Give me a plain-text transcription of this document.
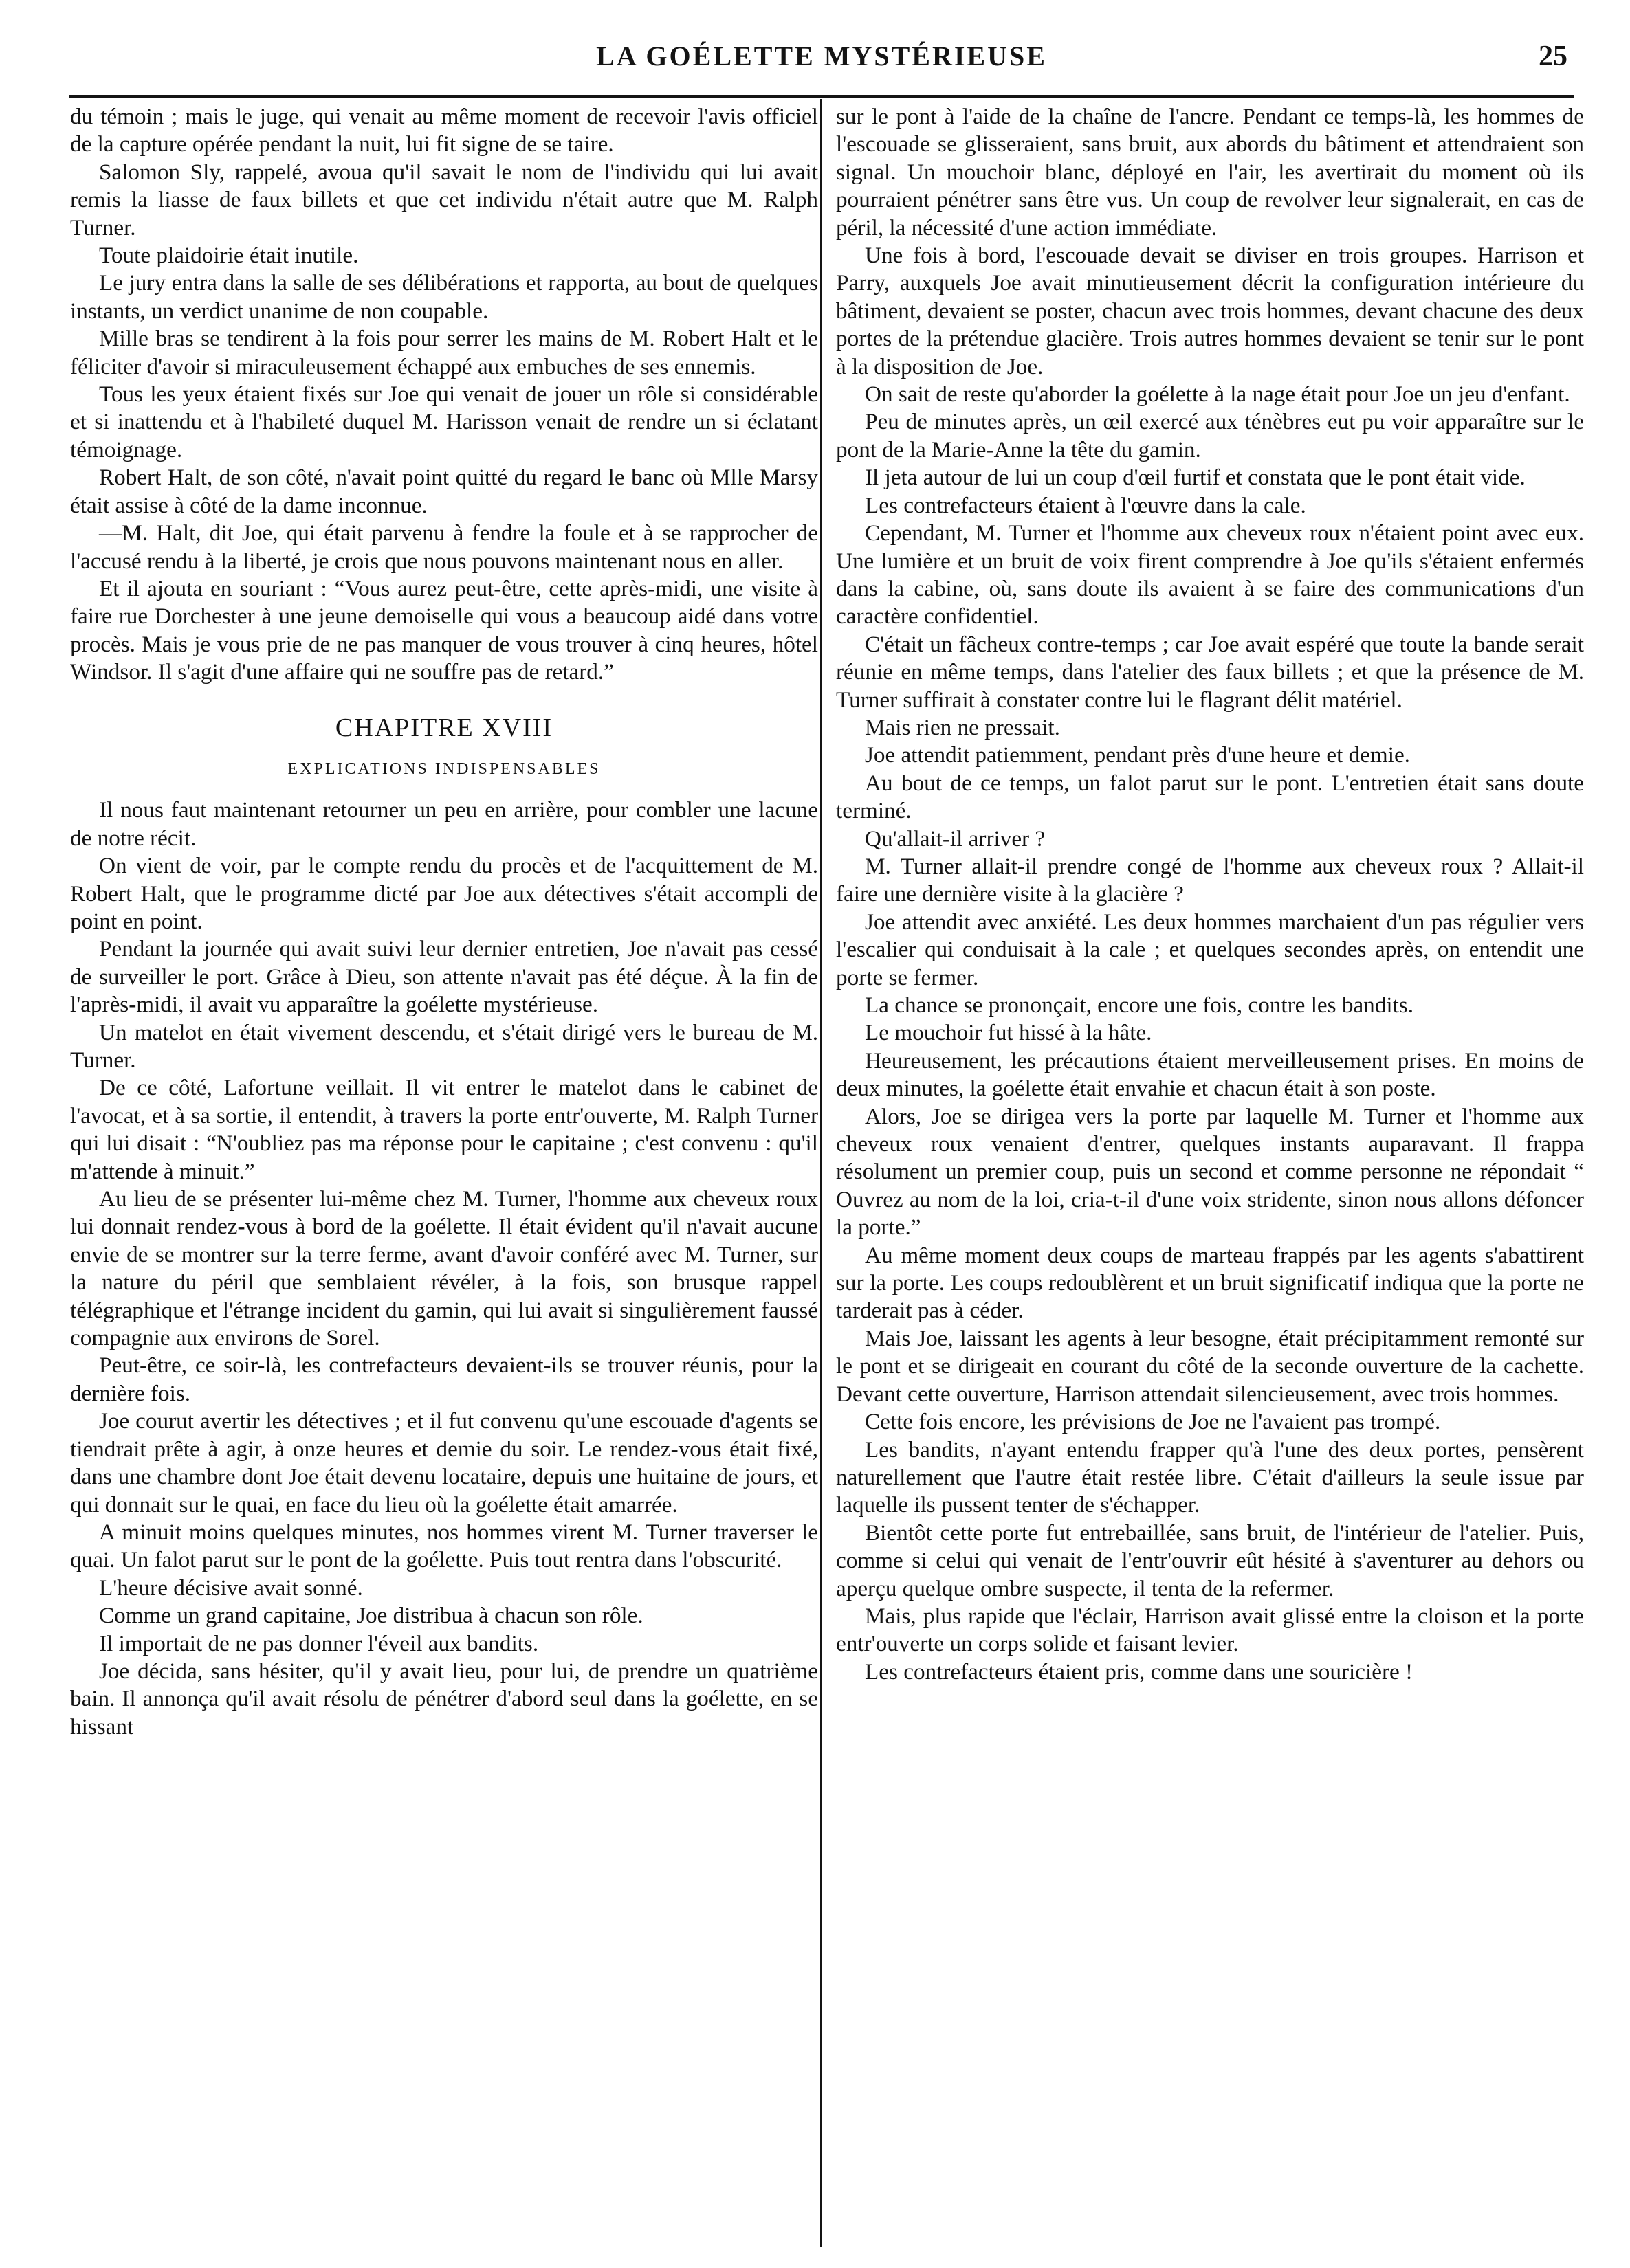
LA GOÉLETTE MYSTÉRIEUSE	25

du témoin ; mais le juge, qui venait au même moment de recevoir l'avis officiel de la capture opérée pendant la nuit, lui fit signe de se taire.

Salomon Sly, rappelé, avoua qu'il savait le nom de l'individu qui lui avait remis la liasse de faux billets et que cet individu n'était autre que M. Ralph Turner.

Toute plaidoirie était inutile.

Le jury entra dans la salle de ses délibérations et rapporta, au bout de quelques instants, un verdict unanime de non coupable.

Mille bras se tendirent à la fois pour serrer les mains de M. Robert Halt et le féliciter d'avoir si miraculeusement échappé aux embuches de ses ennemis.

Tous les yeux étaient fixés sur Joe qui venait de jouer un rôle si considérable et si inattendu et à l'habileté duquel M. Harisson venait de rendre un si éclatant témoignage.

Robert Halt, de son côté, n'avait point quitté du regard le banc où Mlle Marsy était assise à côté de la dame inconnue.

—M. Halt, dit Joe, qui était parvenu à fendre la foule et à se rapprocher de l'accusé rendu à la liberté, je crois que nous pouvons maintenant nous en aller.

Et il ajouta en souriant : “Vous aurez peut-être, cette après-midi, une visite à faire rue Dorchester à une jeune demoiselle qui vous a beaucoup aidé dans votre procès. Mais je vous prie de ne pas manquer de vous trouver à cinq heures, hôtel Windsor. Il s'agit d'une affaire qui ne souffre pas de retard.”

CHAPITRE XVIII
EXPLICATIONS INDISPENSABLES

Il nous faut maintenant retourner un peu en arrière, pour combler une lacune de notre récit.

On vient de voir, par le compte rendu du procès et de l'acquittement de M. Robert Halt, que le programme dicté par Joe aux détectives s'était accompli de point en point.

Pendant la journée qui avait suivi leur dernier entretien, Joe n'avait pas cessé de surveiller le port. Grâce à Dieu, son attente n'avait pas été déçue. À la fin de l'après-midi, il avait vu apparaître la goélette mystérieuse.

Un matelot en était vivement descendu, et s'était dirigé vers le bureau de M. Turner.

De ce côté, Lafortune veillait. Il vit entrer le matelot dans le cabinet de l'avocat, et à sa sortie, il entendit, à travers la porte entr'ouverte, M. Ralph Turner qui lui disait : “N'oubliez pas ma réponse pour le capitaine ; c'est convenu : qu'il m'attende à minuit.”

Au lieu de se présenter lui-même chez M. Turner, l'homme aux cheveux roux lui donnait rendez-vous à bord de la goélette. Il était évident qu'il n'avait aucune envie de se montrer sur la terre ferme, avant d'avoir conféré avec M. Turner, sur la nature du péril que semblaient révéler, à la fois, son brusque rappel télégraphique et l'étrange incident du gamin, qui lui avait si singulièrement faussé compagnie aux environs de Sorel.

Peut-être, ce soir-là, les contrefacteurs devaient-ils se trouver réunis, pour la dernière fois.

Joe courut avertir les détectives ; et il fut convenu qu'une escouade d'agents se tiendrait prête à agir, à onze heures et demie du soir. Le rendez-vous était fixé, dans une chambre dont Joe était devenu locataire, depuis une huitaine de jours, et qui donnait sur le quai, en face du lieu où la goélette était amarrée.

A minuit moins quelques minutes, nos hommes virent M. Turner traverser le quai. Un falot parut sur le pont de la goélette. Puis tout rentra dans l'obscurité.

L'heure décisive avait sonné.

Comme un grand capitaine, Joe distribua à chacun son rôle.

Il importait de ne pas donner l'éveil aux bandits.

Joe décida, sans hésiter, qu'il y avait lieu, pour lui, de prendre un quatrième bain. Il annonça qu'il avait résolu de pénétrer d'abord seul dans la goélette, en se hissant

sur le pont à l'aide de la chaîne de l'ancre. Pendant ce temps-là, les hommes de l'escouade se glisseraient, sans bruit, aux abords du bâtiment et attendraient son signal. Un mouchoir blanc, déployé en l'air, les avertirait du moment où ils pourraient pénétrer sans être vus. Un coup de revolver leur signalerait, en cas de péril, la nécessité d'une action immédiate.

Une fois à bord, l'escouade devait se diviser en trois groupes. Harrison et Parry, auxquels Joe avait minutieusement décrit la configuration intérieure du bâtiment, devaient se poster, chacun avec trois hommes, devant chacune des deux portes de la prétendue glacière. Trois autres hommes devaient se tenir sur le pont à la disposition de Joe.

On sait de reste qu'aborder la goélette à la nage était pour Joe un jeu d'enfant.

Peu de minutes après, un œil exercé aux ténèbres eut pu voir apparaître sur le pont de la Marie-Anne la tête du gamin.

Il jeta autour de lui un coup d'œil furtif et constata que le pont était vide.

Les contrefacteurs étaient à l'œuvre dans la cale.

Cependant, M. Turner et l'homme aux cheveux roux n'étaient point avec eux. Une lumière et un bruit de voix firent comprendre à Joe qu'ils s'étaient enfermés dans la cabine, où, sans doute ils avaient à se faire des communications d'un caractère confidentiel.

C'était un fâcheux contre-temps ; car Joe avait espéré que toute la bande serait réunie en même temps, dans l'atelier des faux billets ; et que la présence de M. Turner suffirait à constater contre lui le flagrant délit matériel.

Mais rien ne pressait.

Joe attendit patiemment, pendant près d'une heure et demie.

Au bout de ce temps, un falot parut sur le pont. L'entretien était sans doute terminé.

Qu'allait-il arriver ?

M. Turner allait-il prendre congé de l'homme aux cheveux roux ? Allait-il faire une dernière visite à la glacière ?

Joe attendit avec anxiété. Les deux hommes marchaient d'un pas régulier vers l'escalier qui conduisait à la cale ; et quelques secondes après, on entendit une porte se fermer.

La chance se prononçait, encore une fois, contre les bandits.

Le mouchoir fut hissé à la hâte.

Heureusement, les précautions étaient merveilleusement prises. En moins de deux minutes, la goélette était envahie et chacun était à son poste.

Alors, Joe se dirigea vers la porte par laquelle M. Turner et l'homme aux cheveux roux venaient d'entrer, quelques instants auparavant. Il frappa résolument un premier coup, puis un second et comme personne ne répondait “ Ouvrez au nom de la loi, cria-t-il d'une voix stridente, sinon nous allons défoncer la porte.”

Au même moment deux coups de marteau frappés par les agents s'abattirent sur la porte. Les coups redoublèrent et un bruit significatif indiqua que la porte ne tarderait pas à céder.

Mais Joe, laissant les agents à leur besogne, était précipitamment remonté sur le pont et se dirigeait en courant du côté de la seconde ouverture de la cachette. Devant cette ouverture, Harrison attendait silencieusement, avec trois hommes.

Cette fois encore, les prévisions de Joe ne l'avaient pas trompé.

Les bandits, n'ayant entendu frapper qu'à l'une des deux portes, pensèrent naturellement que l'autre était restée libre. C'était d'ailleurs la seule issue par laquelle ils pussent tenter de s'échapper.

Bientôt cette porte fut entrebaillée, sans bruit, de l'intérieur de l'atelier. Puis, comme si celui qui venait de l'entr'ouvrir eût hésité à s'aventurer au dehors ou aperçu quelque ombre suspecte, il tenta de la refermer.

Mais, plus rapide que l'éclair, Harrison avait glissé entre la cloison et la porte entr'ouverte un corps solide et faisant levier.

Les contrefacteurs étaient pris, comme dans une souricière !
